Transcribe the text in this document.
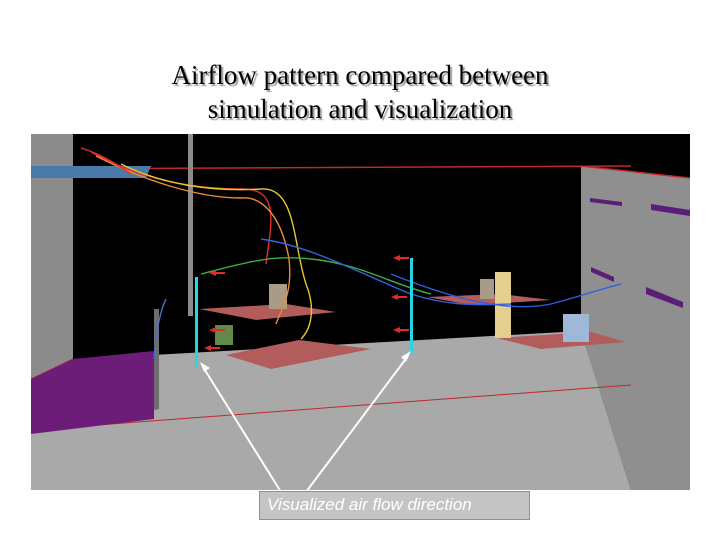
Airflow pattern compared between
simulation and visualization
Visualized air flow direction
